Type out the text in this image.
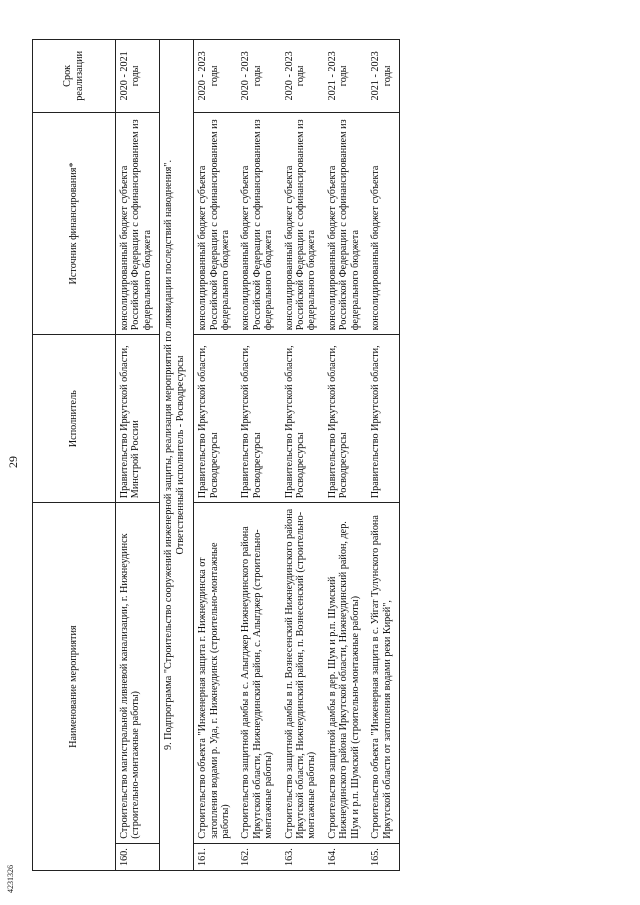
29
4231326
Наименование мероприятия		Исполнитель	Источник финансирования*	Срок реализации
160.	Строительство магистральной ливневой канализации, г. Нижнеудинск (строительно-монтажные работы)	Правительство Иркутской области, Минстрой России	консолидированный бюджет субъекта Российской Федерации с софинансированием из федерального бюджета	2020 - 2021 годы
9. Подпрограмма "Строительство сооружений инженерной защиты, реализация мероприятий по ликвидации последствий наводнения".
Ответственный исполнитель - Росводресурсы				
161.	Строительство объекта "Инженерная защита г. Нижнеудинска от затопления водами р. Уда, г. Нижнеудинск (строительно-монтажные работы)	Правительство Иркутской области, Росводресурсы	консолидированный бюджет субъекта Российской Федерации с софинансированием из федерального бюджета	2020 - 2023 годы
162.	Строительство защитной дамбы в с. Алыгджер Нижнеудинского района Иркутской области, Нижнеудинский район, с. Алыгджер (строительно-монтажные работы)	Правительство Иркутской области, Росводресурсы	консолидированный бюджет субъекта Российской Федерации с софинансированием из федерального бюджета	2020 - 2023 годы
163.	Строительство защитной дамбы в п. Вознесенский Нижнеудинского района Иркутской области, Нижнеудинский район, п. Вознесенский (строительно-монтажные работы)	Правительство Иркутской области, Росводресурсы	консолидированный бюджет субъекта Российской Федерации с софинансированием из федерального бюджета	2020 - 2023 годы
164.	Строительство защитной дамбы в дер. Шум и р.п. Шумский Нижнеудинского района Иркутской области, Нижнеудинский район, дер. Шум и р.п. Шумский (строительно-монтажные работы)	Правительство Иркутской области, Росводресурсы	консолидированный бюджет субъекта Российской Федерации с софинансированием из федерального бюджета	2021 - 2023 годы
165.	Строительство объекта "Инженерная защита в с. Уйгат Тулунского района Иркутской области от затопления водами реки Кирей",	Правительство Иркутской области,	консолидированный бюджет субъекта	2021 - 2023 годы
